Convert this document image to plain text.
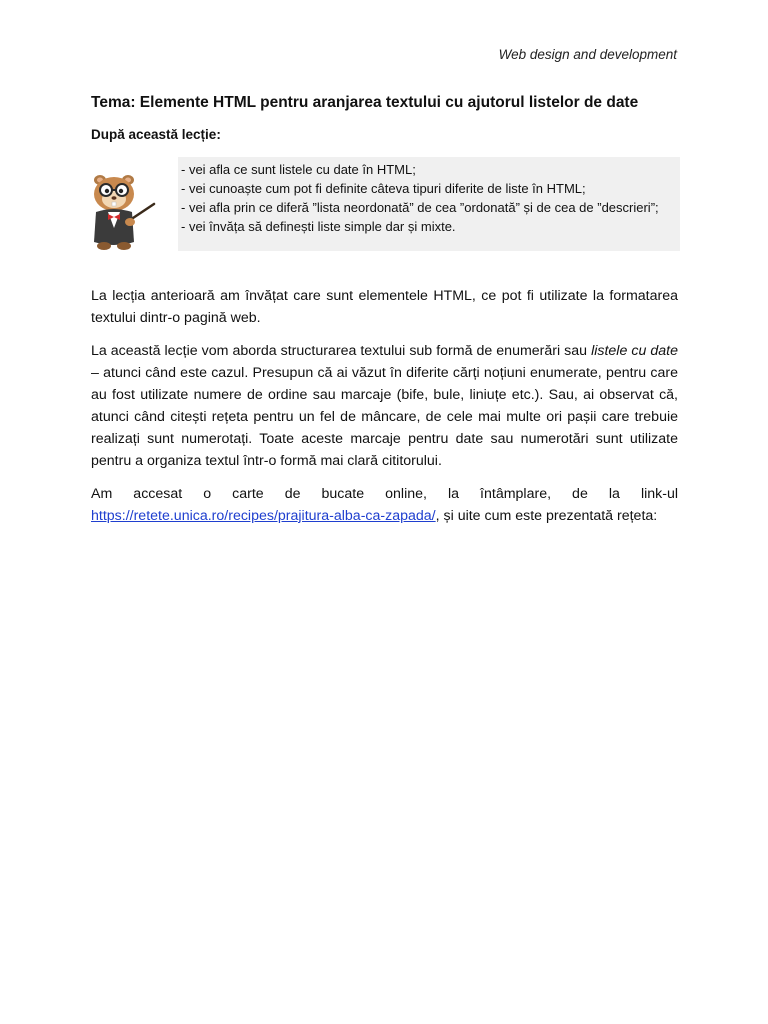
Web design and development
Tema: Elemente HTML pentru aranjarea textului cu ajutorul listelor de date
După această lecție:
- vei afla ce sunt listele cu date în HTML;
- vei cunoaște cum pot fi definite câteva tipuri diferite de liste în HTML;
- vei afla prin ce diferă ”lista neordonată” de cea ”ordonată” și de cea de ”descrieri”;
- vei învăța să definești liste simple dar și mixte.
La lecția anterioară am învățat care sunt elementele HTML, ce pot fi utilizate la formatarea textului dintr-o pagină web.
La această lecție vom aborda structurarea textului sub formă de enumerări sau listele cu date – atunci când este cazul. Presupun că ai văzut în diferite cărți noțiuni enumerate, pentru care au fost utilizate numere de ordine sau marcaje (bife, bule, liniuțe etc.). Sau, ai observat că, atunci când citești rețeta pentru un fel de mâncare, de cele mai multe ori pașii care trebuie realizați sunt numerotați. Toate aceste marcaje pentru date sau numerotări sunt utilizate pentru a organiza textul într-o formă mai clară cititorului.
Am accesat o carte de bucate online, la întâmplare, de la link-ul https://retete.unica.ro/recipes/prajitura-alba-ca-zapada/, și uite cum este prezentată rețeta:
